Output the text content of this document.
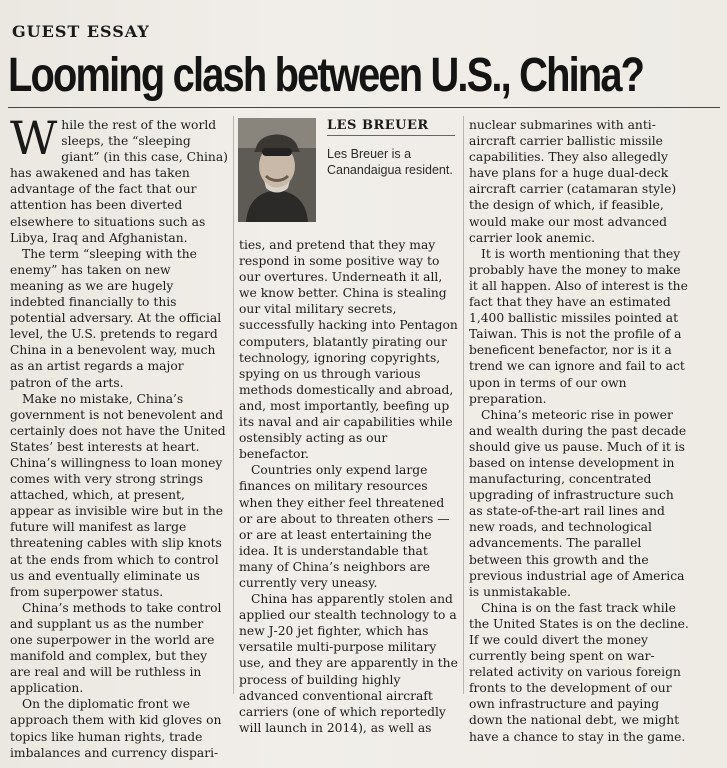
GUEST ESSAY
Looming clash between U.S., China?

While the rest of the world sleeps, the “sleeping giant” (in this case, China) has awakened and has taken advantage of the fact that our attention has been diverted elsewhere to situations such as Libya, Iraq and Afghanistan.

The term “sleeping with the enemy” has taken on new meaning as we are hugely indebted financially to this potential adversary. At the official level, the U.S. pretends to regard China in a benevolent way, much as an artist regards a major patron of the arts.

Make no mistake, China’s government is not benevolent and certainly does not have the United States’ best interests at heart. China’s willingness to loan money comes with very strong strings attached, which, at present, appear as invisible wire but in the future will manifest as large threatening cables with slip knots at the ends from which to control us and eventually eliminate us from superpower status.

China’s methods to take control and supplant us as the number one superpower in the world are manifold and complex, but they are real and will be ruthless in application.

On the diplomatic front we approach them with kid gloves on topics like human rights, trade imbalances and currency dispari-

LES BREUER
Les Breuer is a Canandaigua resident.

ties, and pretend that they may respond in some positive way to our overtures. Underneath it all, we know better. China is stealing our vital military secrets, successfully hacking into Pentagon computers, blatantly pirating our technology, ignoring copyrights, spying on us through various methods domestically and abroad, and, most importantly, beefing up its naval and air capabilities while ostensibly acting as our benefactor.

Countries only expend large finances on military resources when they either feel threatened or are about to threaten others — or are at least entertaining the idea. It is understandable that many of China’s neighbors are currently very uneasy.

China has apparently stolen and applied our stealth technology to a new J-20 jet fighter, which has versatile multi-purpose military use, and they are apparently in the process of building highly advanced conventional aircraft carriers (one of which reportedly will launch in 2014), as well as

nuclear submarines with anti-aircraft carrier ballistic missile capabilities. They also allegedly have plans for a huge dual-deck aircraft carrier (catamaran style) the design of which, if feasible, would make our most advanced carrier look anemic.

It is worth mentioning that they probably have the money to make it all happen. Also of interest is the fact that they have an estimated 1,400 ballistic missiles pointed at Taiwan. This is not the profile of a beneficent benefactor, nor is it a trend we can ignore and fail to act upon in terms of our own preparation.

China’s meteoric rise in power and wealth during the past decade should give us pause. Much of it is based on intense development in manufacturing, concentrated upgrading of infrastructure such as state-of-the-art rail lines and new roads, and technological advancements. The parallel between this growth and the previous industrial age of America is unmistakable.

China is on the fast track while the United States is on the decline. If we could divert the money currently being spent on war-related activity on various foreign fronts to the development of our own infrastructure and paying down the national debt, we might have a chance to stay in the game.
